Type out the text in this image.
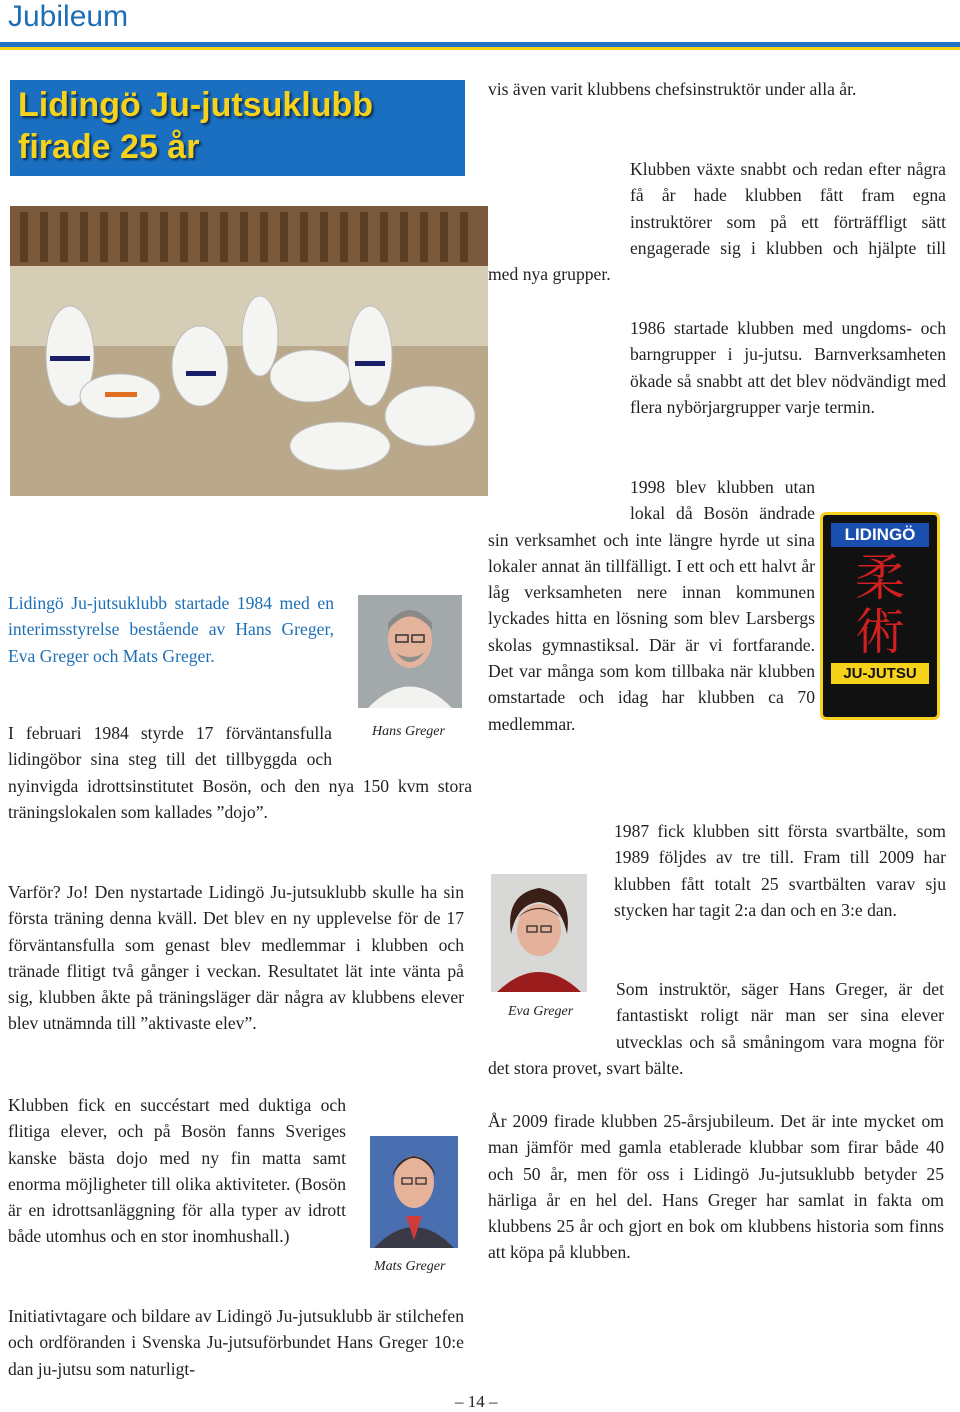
Jubileum
Lidingö Ju-jutsuklubb
firade 25 år
Lidingö Ju-jutsuklubb startade 1984 med en interimsstyrelse bestående av Hans Greger, Eva Greger och Mats Greger.
Hans Greger
I februari 1984 styrde 17 förväntansfulla lidingöbor sina steg till det tillbyggda och nyinvigda idrottsinstitutet Bosön, och den nya 150 kvm stora träningslokalen som kallades ”dojo”.
Varför? Jo! Den nystartade Lidingö Ju-jutsuklubb skulle ha sin första träning denna kväll. Det blev en ny upplevelse för de 17 förväntansfulla som genast blev medlemmar i klubben och tränade flitigt två gånger i veckan. Resultatet lät inte vänta på sig, klubben åkte på träningsläger där några av klubbens elever blev utnämnda till ”aktivaste elev”.
Klubben fick en succéstart med duktiga och flitiga elever, och på Bosön fanns Sveriges kanske bästa dojo med ny fin matta samt enorma möjligheter till olika aktiviteter. (Bosön är en idrottsanläggning för alla typer av idrott både utomhus och en stor inomhushall.)
Mats Greger
Initiativtagare och bildare av Lidingö Ju-jutsuklubb är stilchefen och ordföranden i Svenska Ju-jutsuförbundet Hans Greger 10:e dan ju-jutsu som naturligt-
vis även varit klubbens chefsinstruktör under alla år.
Klubben växte snabbt och redan efter några få år hade klubben fått fram egna instruktörer som på ett förträffligt sätt engagerade sig i klubben och hjälpte till med nya grupper.
1986 startade klubben med ungdoms- och barngrupper i ju-jutsu. Barnverksamheten ökade så snabbt att det blev nödvändigt med flera nybörjargrupper varje termin.
1998 blev klubben utan lokal då Bosön ändrade sin verksamhet och inte längre hyrde ut sina lokaler annat än tillfälligt. I ett och ett halvt år låg verksamheten nere innan kommunen lyckades hitta en lösning som blev Larsbergs skolas gymnastiksal. Där är vi fortfarande. Det var många som kom tillbaka när klubben omstartade och idag har klubben ca 70 medlemmar.
LIDINGÖ
柔
術
JU-JUTSU
1987 fick klubben sitt första svartbälte, som 1989 följdes av tre till. Fram till 2009 har klubben fått totalt 25 svartbälten varav sju stycken har tagit 2:a dan och en 3:e dan.
Eva Greger
Som instruktör, säger Hans Greger, är det fantastiskt roligt när man ser sina elever utvecklas och så småningom vara mogna för det stora provet, svart bälte.
År 2009 firade klubben 25-årsjubileum. Det är inte mycket om man jämför med gamla etablerade klubbar som firar både 40 och 50 år, men för oss i Lidingö Ju-jutsuklubb betyder 25 härliga år en hel del. Hans Greger har samlat in fakta om klubbens 25 år och gjort en bok om klubbens historia som finns att köpa på klubben.
– 14 –
